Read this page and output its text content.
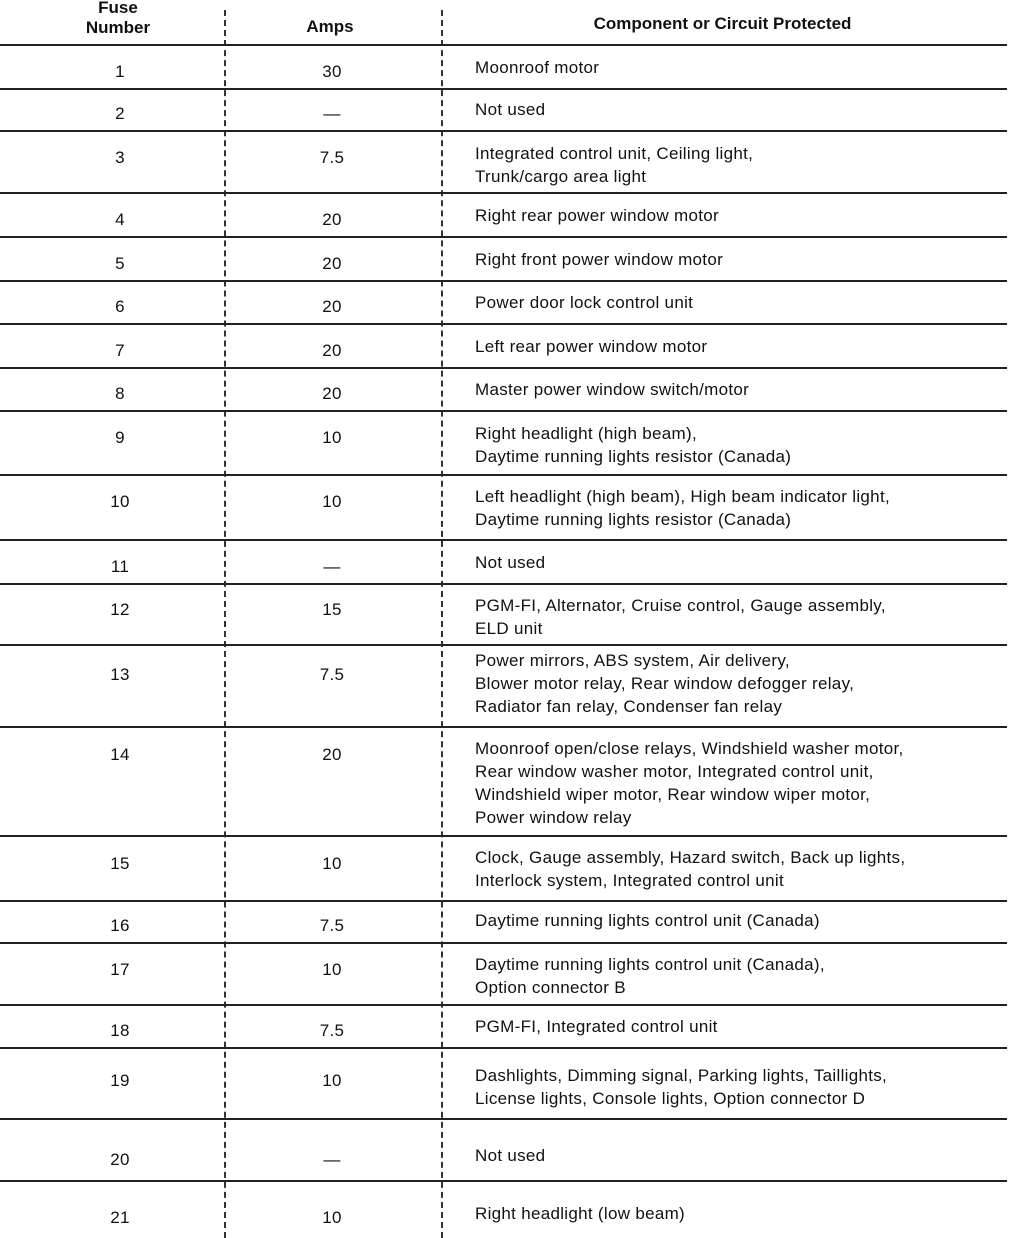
Fuse
Number	Amps	Component or Circuit Protected
1	30	Moonroof motor
2	—	Not used
3	7.5	Integrated control unit, Ceiling light,
Trunk/cargo area light
4	20	Right rear power window motor
5	20	Right front power window motor
6	20	Power door lock control unit
7	20	Left rear power window motor
8	20	Master power window switch/motor
9	10	Right headlight (high beam),
Daytime running lights resistor (Canada)
10	10	Left headlight (high beam), High beam indicator light,
Daytime running lights resistor (Canada)
11	—	Not used
12	15	PGM-FI, Alternator, Cruise control, Gauge assembly,
ELD unit
13	7.5
Power mirrors, ABS system, Air delivery,
Blower motor relay, Rear window defogger relay,
Radiator fan relay, Condenser fan relay
14	20	Moonroof open/close relays, Windshield washer motor,
Rear window washer motor, Integrated control unit,
Windshield wiper motor, Rear window wiper motor,
Power window relay
15	10	Clock, Gauge assembly, Hazard switch, Back up lights,
Interlock system, Integrated control unit
16	7.5	Daytime running lights control unit (Canada)
17	10	Daytime running lights control unit (Canada),
Option connector B
18	7.5	PGM-FI, Integrated control unit
19	10	Dashlights, Dimming signal, Parking lights, Taillights,
License lights, Console lights, Option connector D
20	—	Not used
21	10	Right headlight (low beam)
